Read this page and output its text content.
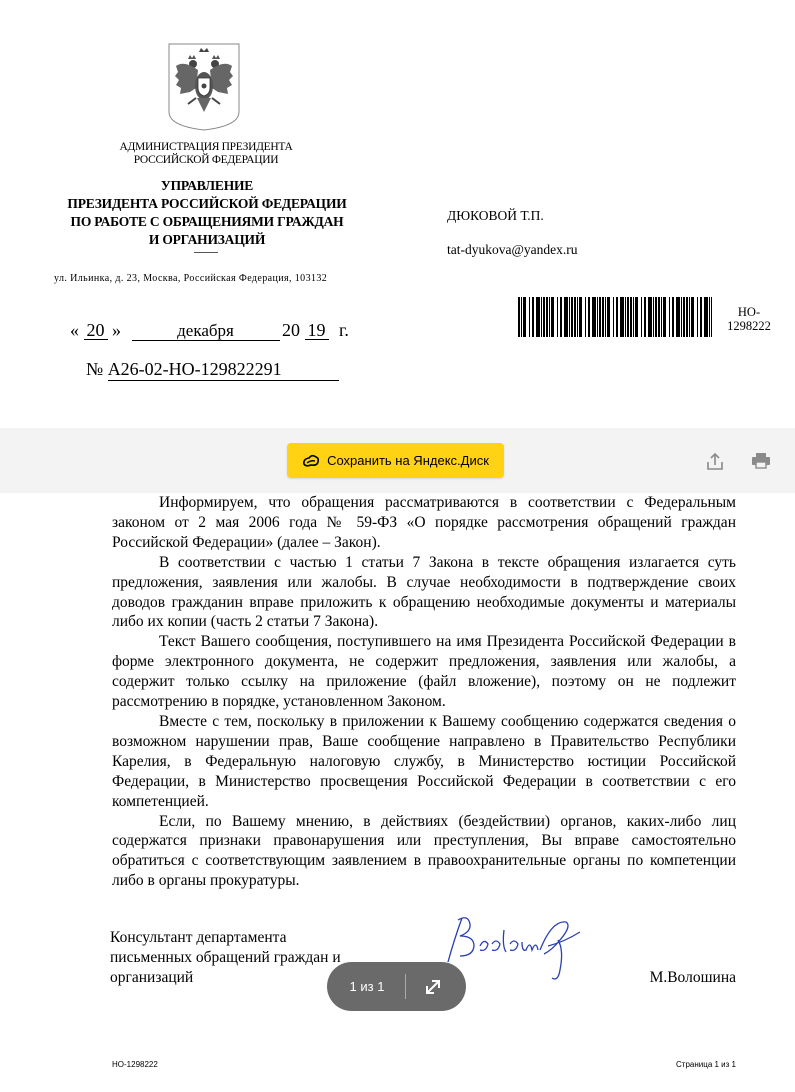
АДМИНИСТРАЦИЯ ПРЕЗИДЕНТА
РОССИЙСКОЙ ФЕДЕРАЦИИ
УПРАВЛЕНИЕ
ПРЕЗИДЕНТА РОССИЙСКОЙ ФЕДЕРАЦИИ
ПО РАБОТЕ С ОБРАЩЕНИЯМИ ГРАЖДАН
И ОРГАНИЗАЦИЙ
ул. Ильинка, д. 23, Москва, Российская Федерация, 103132
« 20 »	декабря	20 19 г.
№ А26-02-НО-129822291
ДЮКОВОЙ Т.П.
tat-dyukova@yandex.ru
НО-
1298222
Сохранить на Яндекс.Диск

Информируем, что обращения рассматриваются в соответствии с Федеральным законом от 2 мая 2006 года № 59-ФЗ «О порядке рассмотрения обращений граждан Российской Федерации» (далее – Закон).

В соответствии с частью 1 статьи 7 Закона в тексте обращения излагается суть предложения, заявления или жалобы. В случае необходимости в подтверждение своих доводов гражданин вправе приложить к обращению необходимые документы и материалы либо их копии (часть 2 статьи 7 Закона).

Текст Вашего сообщения, поступившего на имя Президента Российской Федерации в форме электронного документа, не содержит предложения, заявления или жалобы, а содержит только ссылку на приложение (файл вложение), поэтому он не подлежит рассмотрению в порядке, установленном Законом.

Вместе с тем, поскольку в приложении к Вашему сообщению содержатся сведения о возможном нарушении прав, Ваше сообщение направлено в Правительство Республики Карелия, в Федеральную налоговую службу, в Министерство юстиции Российской Федерации, в Министерство просвещения Российской Федерации в соответствии с его компетенцией.

Если, по Вашему мнению, в действиях (бездействии) органов, каких-либо лиц содержатся признаки правонарушения или преступления, Вы вправе самостоятельно обратиться с соответствующим заявлением в правоохранительные органы по компетенции либо в органы прокуратуры.

Консультант департамента
письменных обращений граждан и
организаций	М.Волошина
1 из 1
НО-1298222	Страница 1 из 1
